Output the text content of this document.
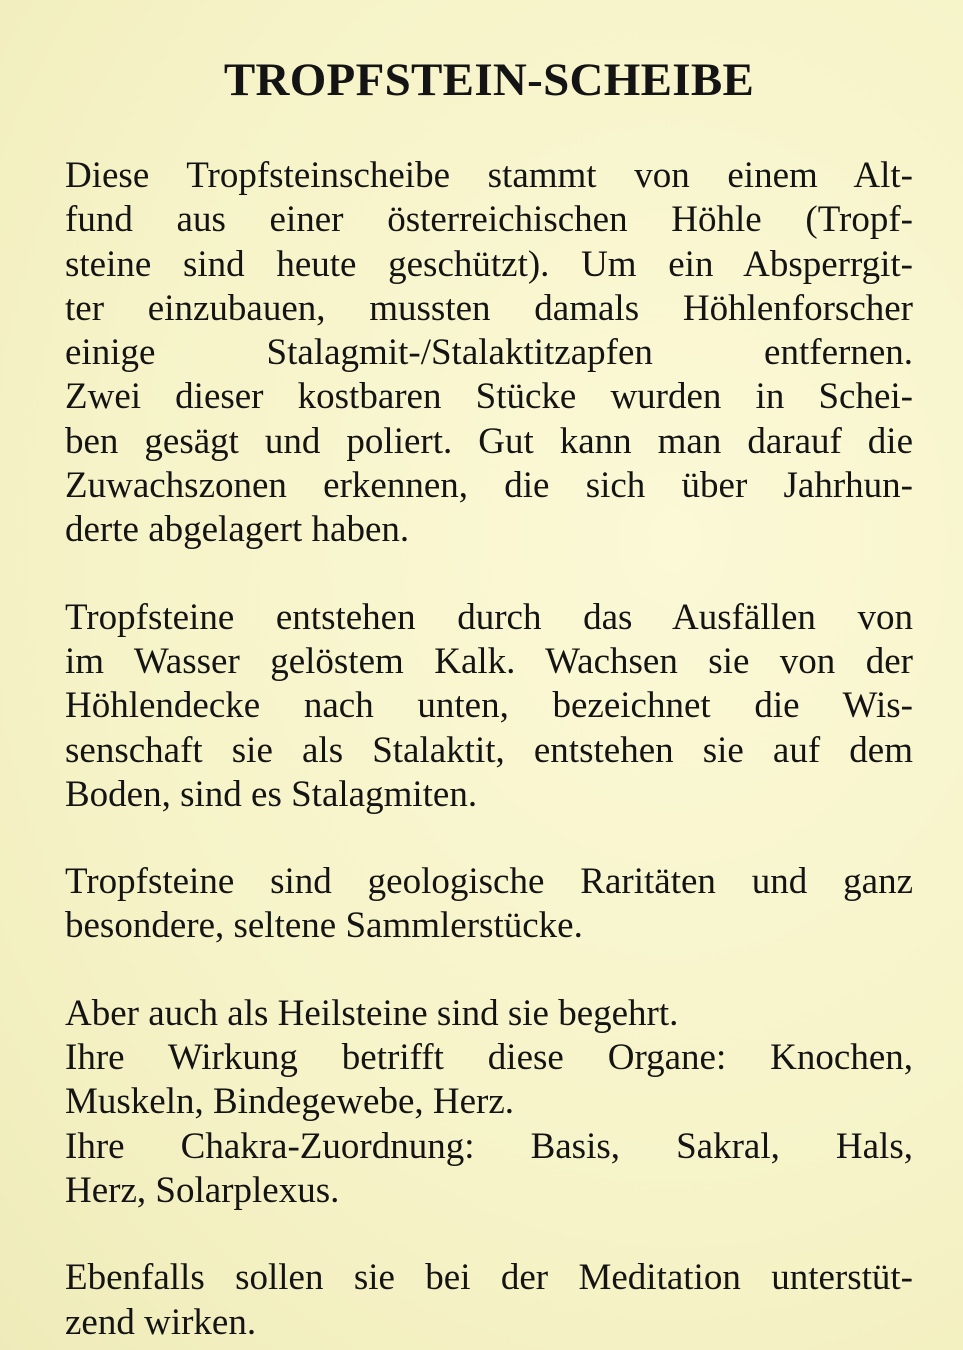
TROPFSTEIN-SCHEIBE
Diese Tropfsteinscheibe stammt von einem Alt-
fund aus einer österreichischen Höhle (Tropf-
steine sind heute geschützt). Um ein Absperrgit-
ter einzubauen, mussten damals Höhlenforscher
einige Stalagmit-/Stalaktitzapfen entfernen.
Zwei dieser kostbaren Stücke wurden in Schei-
ben gesägt und poliert. Gut kann man darauf die
Zuwachszonen erkennen, die sich über Jahrhun-
derte abgelagert haben.
Tropfsteine entstehen durch das Ausfällen von
im Wasser gelöstem Kalk. Wachsen sie von der
Höhlendecke nach unten, bezeichnet die Wis-
senschaft sie als Stalaktit, entstehen sie auf dem
Boden, sind es Stalagmiten.
Tropfsteine sind geologische Raritäten und ganz
besondere, seltene Sammlerstücke.
Aber auch als Heilsteine sind sie begehrt.
Ihre Wirkung betrifft diese Organe: Knochen,
Muskeln, Bindegewebe, Herz.
Ihre Chakra-Zuordnung: Basis, Sakral, Hals,
Herz, Solarplexus.
Ebenfalls sollen sie bei der Meditation unterstüt-
zend wirken.
